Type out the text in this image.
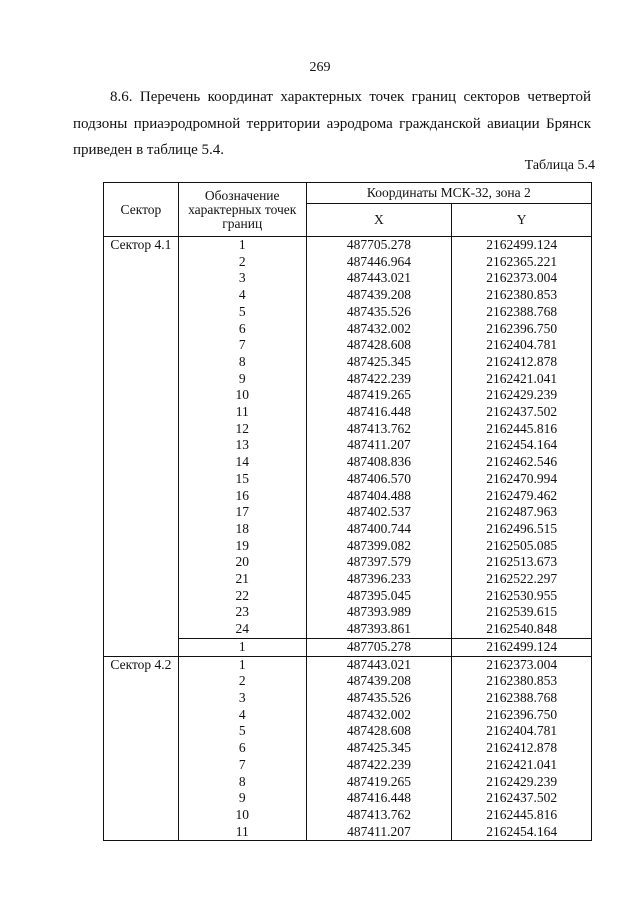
269
8.6. Перечень координат характерных точек границ секторов четвертой
подзоны приаэродромной территории аэродрома гражданской авиации Брянск
приведен в таблице 5.4.
Таблица 5.4
Сектор	Обозначение характерных точек границ	Координаты МСК-32, зона 2	
		X	Y
Сектор 4.1	1	487705.278	2162499.124
	2	487446.964	2162365.221
	3	487443.021	2162373.004
	4	487439.208	2162380.853
	5	487435.526	2162388.768
	6	487432.002	2162396.750
	7	487428.608	2162404.781
	8	487425.345	2162412.878
	9	487422.239	2162421.041
	10	487419.265	2162429.239
	11	487416.448	2162437.502
	12	487413.762	2162445.816
	13	487411.207	2162454.164
	14	487408.836	2162462.546
	15	487406.570	2162470.994
	16	487404.488	2162479.462
	17	487402.537	2162487.963
	18	487400.744	2162496.515
	19	487399.082	2162505.085
	20	487397.579	2162513.673
	21	487396.233	2162522.297
	22	487395.045	2162530.955
	23	487393.989	2162539.615
	24	487393.861	2162540.848
	1	487705.278	2162499.124
Сектор 4.2	1	487443.021	2162373.004
	2	487439.208	2162380.853
	3	487435.526	2162388.768
	4	487432.002	2162396.750
	5	487428.608	2162404.781
	6	487425.345	2162412.878
	7	487422.239	2162421.041
	8	487419.265	2162429.239
	9	487416.448	2162437.502
	10	487413.762	2162445.816
	11	487411.207	2162454.164
